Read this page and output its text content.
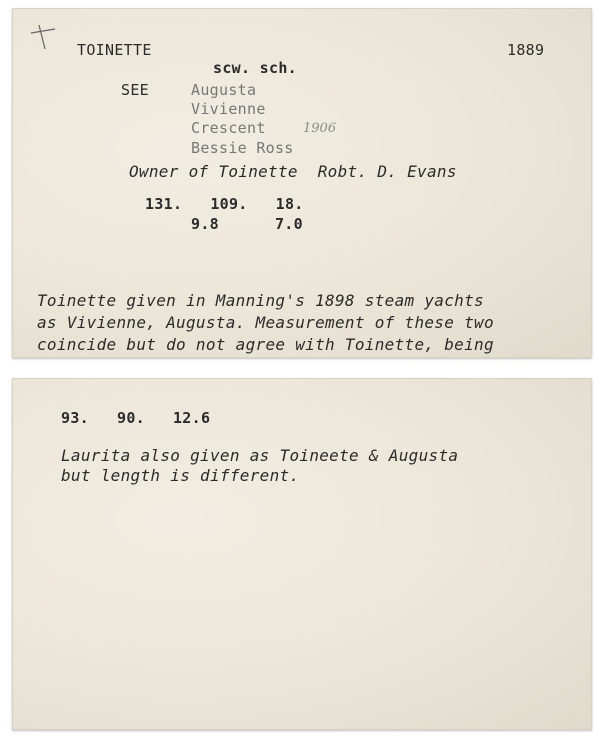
TOINETTE	1889
scw. sch.
SEE	Augusta
Vivienne
Crescent	1906
Bessie Ross
Owner of Toinette  Robt. D. Evans
131.   109.   18.
9.8      7.0
Toinette given in Manning's 1898 steam yachts
as Vivienne, Augusta. Measurement of these two
coincide but do not agree with Toinette, being
93.   90.   12.6
Laurita also given as Toineete & Augusta
but length is different.
